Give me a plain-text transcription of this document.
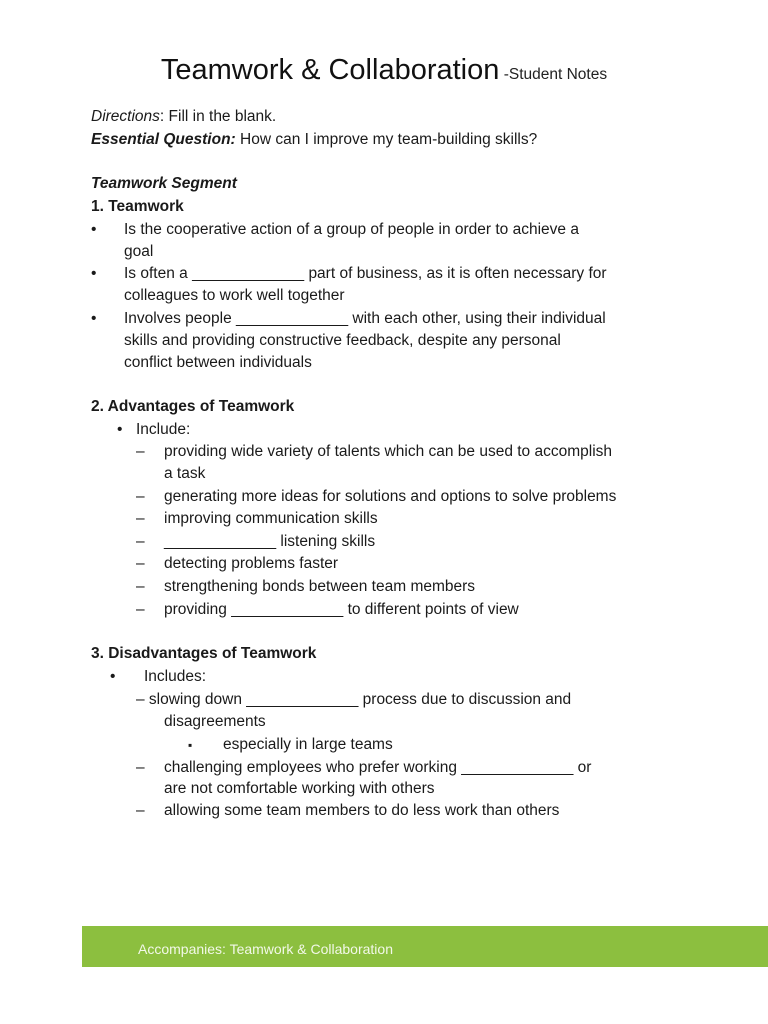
Teamwork & Collaboration -Student Notes
Directions: Fill in the blank.
Essential Question: How can I improve my team-building skills?
Teamwork Segment
1. Teamwork
• Is the cooperative action of a group of people in order to achieve a
goal
• Is often a _____________ part of business, as it is often necessary for
colleagues to work well together
• Involves people _____________ with each other, using their individual
skills and providing constructive feedback, despite any personal
conflict between individuals
2. Advantages of Teamwork
• Include:
– providing wide variety of talents which can be used to accomplish
a task
– generating more ideas for solutions and options to solve problems
– improving communication skills
– _____________ listening skills
– detecting problems faster
– strengthening bonds between team members
– providing _____________ to different points of view
3. Disadvantages of Teamwork
• Includes:
– slowing down _____________ process due to discussion and
disagreements
▪ especially in large teams
– challenging employees who prefer working _____________ or
are not comfortable working with others
– allowing some team members to do less work than others
Accompanies: Teamwork & Collaboration
